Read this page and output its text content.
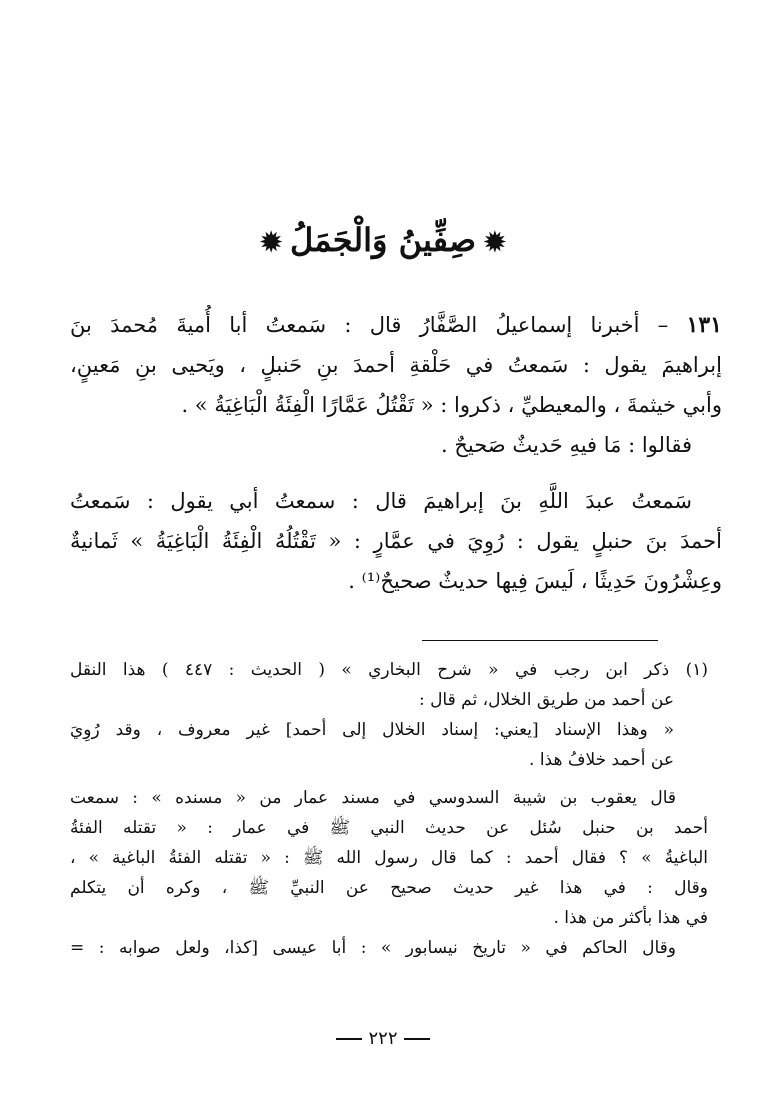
✹صِفِّينُ وَالْجَمَلُ✹
١٣١ – أخبرنا إسماعيلُ الصَّفَّارُ قال : سَمعتُ أبا أُميةَ مُحمدَ بنَ
إبراهيمَ يقول : سَمعتُ في حَلْقةِ أحمدَ بنِ حَنبلٍ ، ويَحيى بنِ مَعينٍ،
وأبي خيثمةَ ، والمعيطيِّ ، ذكروا : « تَقْتُلُ عَمَّارًا الْفِئَةُ الْبَاغِيَةُ » .
فقالوا : مَا فيهِ حَديثٌ صَحيحٌ .
سَمعتُ عبدَ اللَّهِ بنَ إبراهيمَ قال : سمعتُ أبي يقول : سَمعتُ
أحمدَ بنَ حنبلٍ يقول : رُوِيَ في عمَّارٍ : « تَقْتُلُهُ الْفِئَةُ الْبَاغِيَةُ » ثَمانيةٌ
وعِشْرُونَ حَدِيثًا ، لَيسَ فِيها حديثٌ صحيحٌ⁽¹⁾ .
(١) ذكر ابن رجب في « شرح البخاري » ( الحديث : ٤٤٧ ) هذا النقل
عن أحمد من طريق الخلال، ثم قال :
« وهذا الإسناد [يعني: إسناد الخلال إلى أحمد] غير معروف ، وقد رُوِيَ
عن أحمد خلافُ هذا .
قال يعقوب بن شيبة السدوسي في مسند عمار من « مسنده » : سمعت
أحمد بن حنبل سُئل عن حديث النبي ﷺ في عمار : « تقتله الفئةُ
الباغيةُ » ؟ فقال أحمد : كما قال رسول الله ﷺ : « تقتله الفئةُ الباغية » ،
وقال : في هذا غير حديث صحيح عن النبيِّ ﷺ ، وكره أن يتكلم
في هذا بأكثر من هذا .
وقال الحاكم في « تاريخ نيسابور » : أبا عيسى [كذا، ولعل صوابه : =
٢٢٢
